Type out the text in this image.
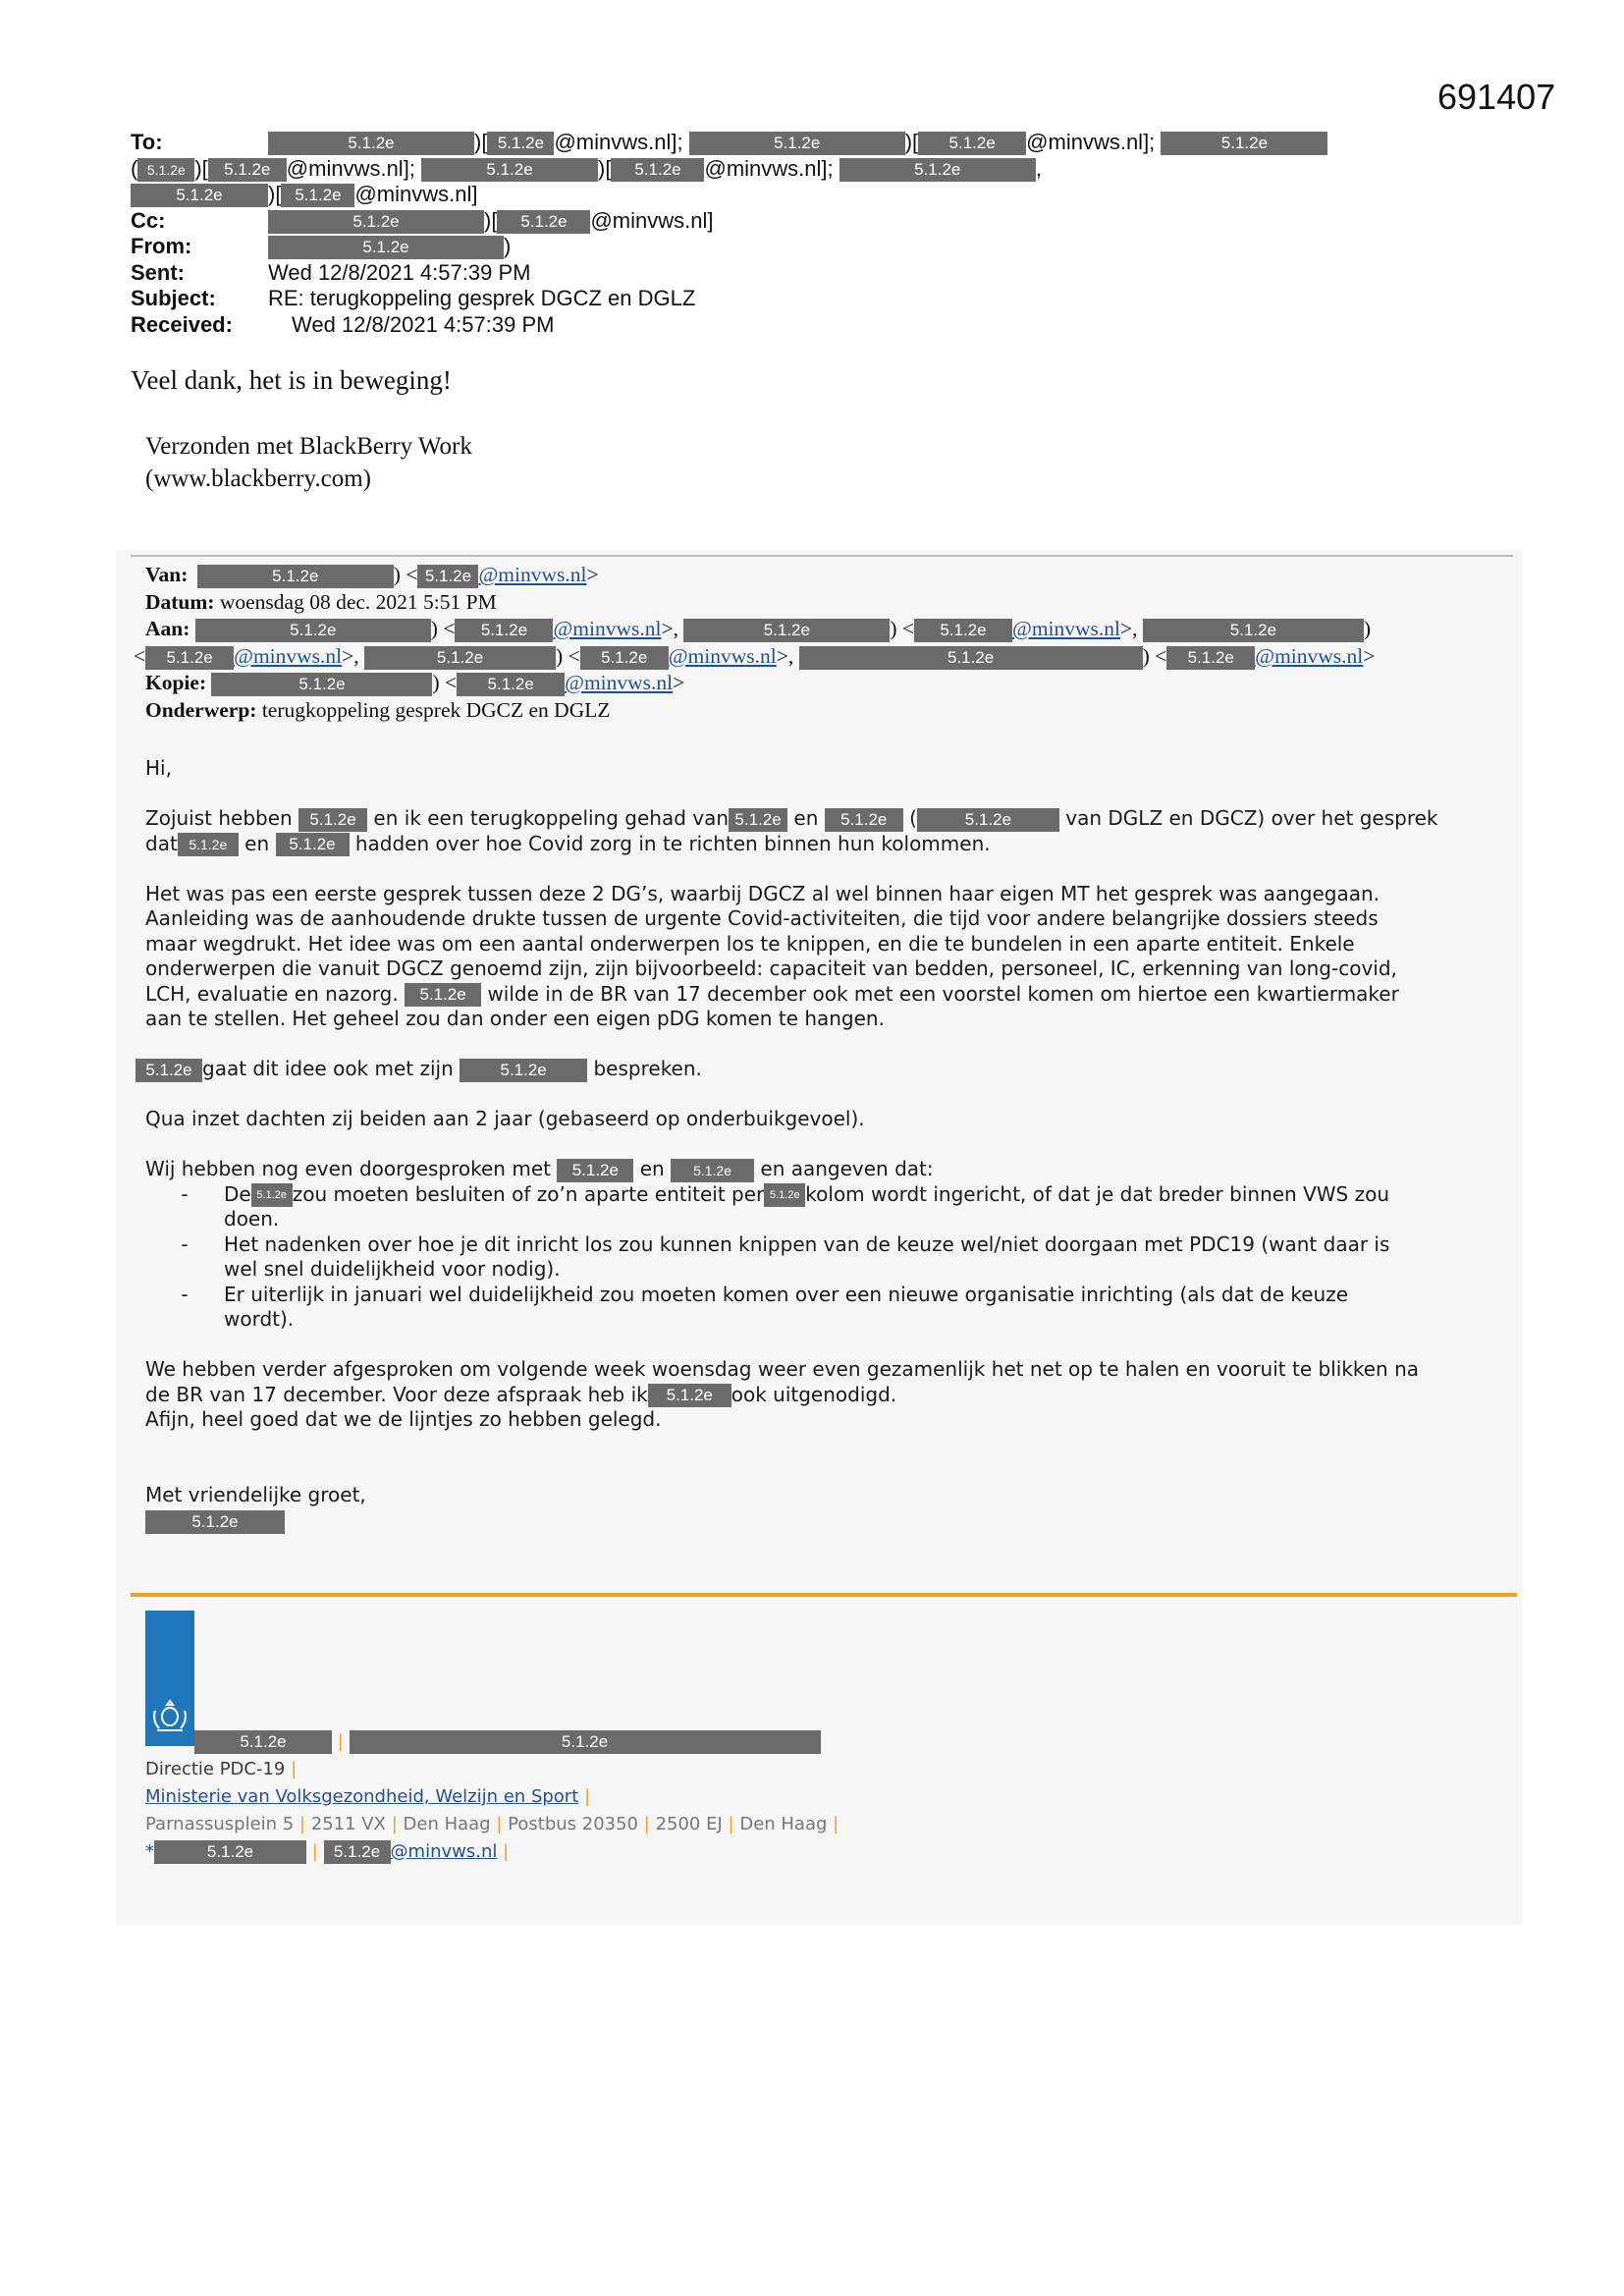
691407
To:	5.1.2e	)[ 5.1.2e @minvws.nl];	5.1.2e	)[ 5.1.2e @minvws.nl];	5.1.2e
( 5.1.2e )[ 5.1.2e @minvws.nl];	5.1.2e	)[ 5.1.2e @minvws.nl];	5.1.2e	,
5.1.2e )[ 5.1.2e @minvws.nl]
Cc:	5.1.2e	)[ 5.1.2e @minvws.nl]
From:	5.1.2e	)
Sent:	Wed 12/8/2021 4:57:39 PM
Subject: RE: terugkoppeling gesprek DGCZ en DGLZ
Received:	Wed 12/8/2021 4:57:39 PM
Veel dank, het is in beweging!
Verzonden met BlackBerry Work
(www.blackberry.com)
Van:	5.1.2e	) < 5.1.2e @minvws.nl>
Datum: woensdag 08 dec. 2021 5:51 PM
Aan:	5.1.2e	) < 5.1.2e @minvws.nl>,	5.1.2e	) < 5.1.2e @minvws.nl>,	5.1.2e	)
< 5.1.2e @minvws.nl>,	5.1.2e	) < 5.1.2e @minvws.nl>,	5.1.2e	) < 5.1.2e @minvws.nl>
Kopie:	5.1.2e	) < 5.1.2e @minvws.nl>
Onderwerp: terugkoppeling gesprek DGCZ en DGLZ

Hi,

Zojuist hebben 5.1.2e en ik een terugkoppeling gehad van 5.1.2e en 5.1.2e (	5.1.2e	van DGLZ en DGCZ) over het gesprek

dat 5.1.2e en 5.1.2e hadden over hoe Covid zorg in te richten binnen hun kolommen.

Het was pas een eerste gesprek tussen deze 2 DG’s, waarbij DGCZ al wel binnen haar eigen MT het gesprek was aangegaan.

Aanleiding was de aanhoudende drukte tussen de urgente Covid-activiteiten, die tijd voor andere belangrijke dossiers steeds

maar wegdrukt. Het idee was om een aantal onderwerpen los te knippen, en die te bundelen in een aparte entiteit. Enkele

onderwerpen die vanuit DGCZ genoemd zijn, zijn bijvoorbeeld: capaciteit van bedden, personeel, IC, erkenning van long-covid,

LCH, evaluatie en nazorg. 5.1.2e wilde in de BR van 17 december ook met een voorstel komen om hiertoe een kwartiermaker

aan te stellen. Het geheel zou dan onder een eigen pDG komen te hangen.

5.1.2e gaat dit idee ook met zijn	5.1.2e bespreken.

Qua inzet dachten zij beiden aan 2 jaar (gebaseerd op onderbuikgevoel).

Wij hebben nog even doorgesproken met 5.1.2e en 5.1.2e en aangeven dat:

-	De 5.1.2e zou moeten besluiten of zo’n aparte entiteit per 5.1.2e kolom wordt ingericht, of dat je dat breder binnen VWS zou
doen.
-	Het nadenken over hoe je dit inricht los zou kunnen knippen van de keuze wel/niet doorgaan met PDC19 (want daar is
wel snel duidelijkheid voor nodig).
-	Er uiterlijk in januari wel duidelijkheid zou moeten komen over een nieuwe organisatie inrichting (als dat de keuze
wordt).

We hebben verder afgesproken om volgende week woensdag weer even gezamenlijk het net op te halen en vooruit te blikken na

de BR van 17 december. Voor deze afspraak heb ik 5.1.2e ook uitgenodigd.

Afijn, heel goed dat we de lijntjes zo hebben gelegd.

Met vriendelijke groet,

5.1.2e

5.1.2e	|	5.1.2e
Directie PDC-19 |
Ministerie van Volksgezondheid, Welzijn en Sport |
Parnassusplein 5 | 2511 VX | Den Haag | Postbus 20350 | 2500 EJ | Den Haag |
*	5.1.2e	| 5.1.2e @minvws.nl |
